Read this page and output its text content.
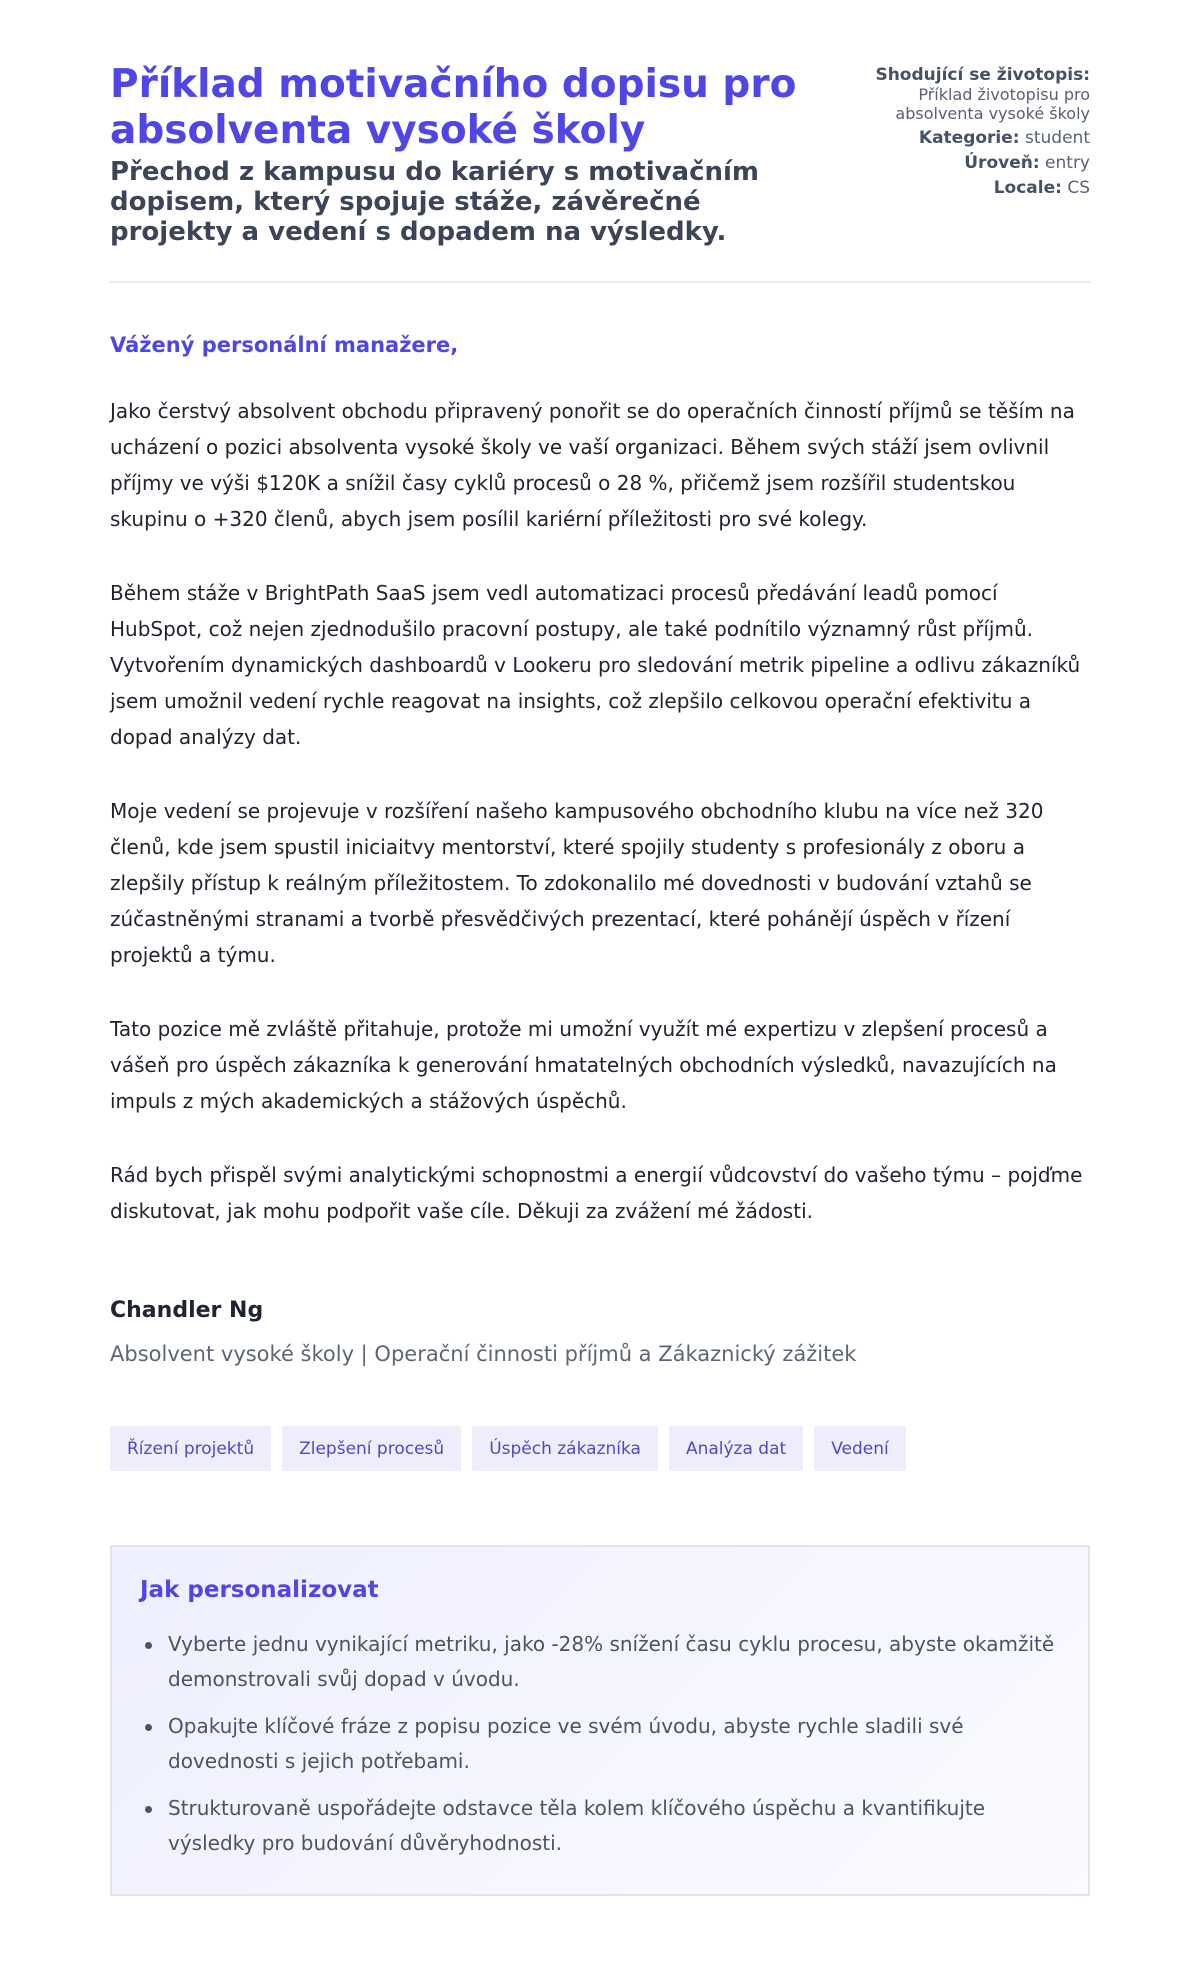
Příklad motivačního dopisu pro absolventa vysoké školy
Přechod z kampusu do kariéry s motivačním dopisem, který spojuje stáže, závěrečné projekty a vedení s dopadem na výsledky.
Shodující se životopis:
Příklad životopisu pro absolventa vysoké školy
Kategorie: student
Úroveň: entry
Locale: CS
Vážený personální manažere,

Jako čerstvý absolvent obchodu připravený ponořit se do operačních činností příjmů se těším na ucházení o pozici absolventa vysoké školy ve vaší organizaci. Během svých stáží jsem ovlivnil příjmy ve výši $120K a snížil časy cyklů procesů o 28 %, přičemž jsem rozšířil studentskou skupinu o +320 členů, abych jsem posílil kariérní příležitosti pro své kolegy.

Během stáže v BrightPath SaaS jsem vedl automatizaci procesů předávání leadů pomocí HubSpot, což nejen zjednodušilo pracovní postupy, ale také podnítilo významný růst příjmů. Vytvořením dynamických dashboardů v Lookeru pro sledování metrik pipeline a odlivu zákazníků jsem umožnil vedení rychle reagovat na insights, což zlepšilo celkovou operační efektivitu a dopad analýzy dat.

Moje vedení se projevuje v rozšíření našeho kampusového obchodního klubu na více než 320 členů, kde jsem spustil iniciaitvy mentorství, které spojily studenty s profesionály z oboru a zlepšily přístup k reálným příležitostem. To zdokonalilo mé dovednosti v budování vztahů se zúčastněnými stranami a tvorbě přesvědčivých prezentací, které pohánějí úspěch v řízení projektů a týmu.

Tato pozice mě zvláště přitahuje, protože mi umožní využít mé expertizu v zlepšení procesů a vášeň pro úspěch zákazníka k generování hmatatelných obchodních výsledků, navazujících na impuls z mých akademických a stážových úspěchů.

Rád bych přispěl svými analytickými schopnostmi a energií vůdcovství do vašeho týmu – pojďme diskutovat, jak mohu podpořit vaše cíle. Děkuji za zvážení mé žádosti.

Chandler Ng
Absolvent vysoké školy | Operační činnosti příjmů a Zákaznický zážitek
Řízení projektů	Zlepšení procesů	Úspěch zákazníka	Analýza dat	Vedení
Jak personalizovat
Vyberte jednu vynikající metriku, jako -28% snížení času cyklu procesu, abyste okamžitě demonstrovali svůj dopad v úvodu.
Opakujte klíčové fráze z popisu pozice ve svém úvodu, abyste rychle sladili své dovednosti s jejich potřebami.
Strukturovaně uspořádejte odstavce těla kolem klíčového úspěchu a kvantifikujte výsledky pro budování důvěryhodnosti.
